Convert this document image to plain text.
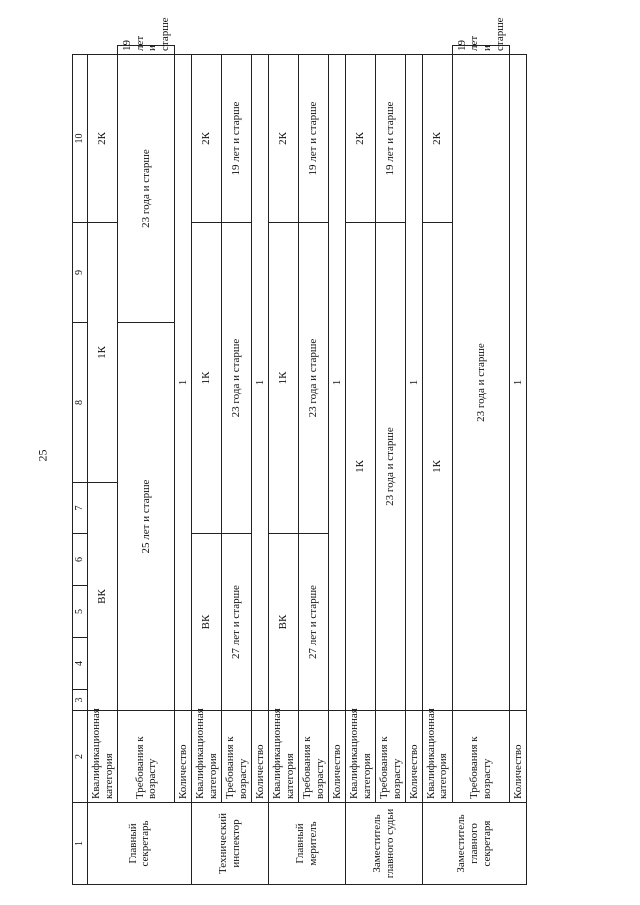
25
1	2	3	4	5	6	7	8	9	10	
Главный секретарь	Квалификационная категория	ВК					1К		2К	
	Требования к возрасту	25 лет и старше						23 года и старше		19 лет и старше
	Количество	1								
Технический инспектор	Квалификационная категория	ВК				1К			2К	
	Требования к возрасту	27 лет и старше				23 года и старше			19 лет и старше	
	Количество	1								
Главный мерителъ	Квалификационная категория	ВК				1К			2К	
	Требования к возрасту	27 лет и старше				23 года и старше			19 лет и старше	
	Количество	1								
Заместитель главного судьи	Квалификационная категория	1К							2К	
	Требования к возрасту	23 года и старше							19 лет и старше	
	Количество	1								
Заместитель главного секретаря	Квалификационная категория	1К							2К	
	Требования к возрасту	23 года и старше								19 лет и старше
	Количество	1								
